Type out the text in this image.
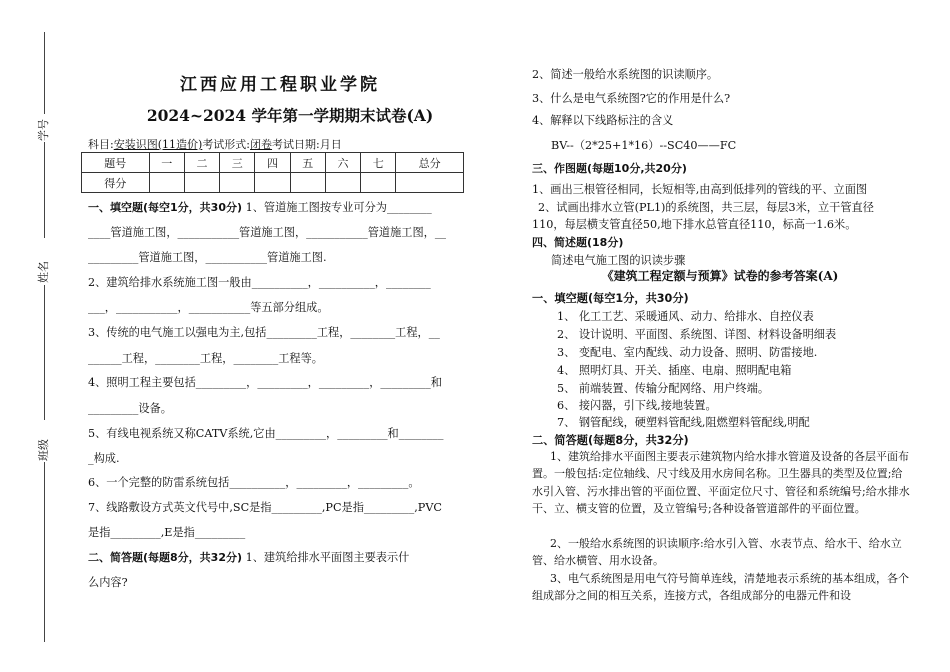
学号
姓名
班级
江西应用工程职业学院
2024~2024 学年第一学期期末试卷(A)
科目:安装识图(11造价)考试形式:闭卷考试日期:月日
题号	一	二	三	四	五	六	七	总分
得分								
一、填空题(每空1分，共30分) 1、管道施工图按专业可分为________
____管道施工图，___________管道施工图，___________管道施工图，__
_________管道施工图，___________管道施工图.
2、建筑给排水系统施工图一般由__________，__________，________
___，___________，___________等五部分组成。
3、传统的电气施工以强电为主,包括_________工程，________工程，__
______工程，________工程，________工程等。
4、照明工程主要包括_________，_________，_________，_________和
_________设备。
5、有线电视系统又称CATV系统,它由_________，_________和________
_构成.
6、一个完整的防雷系统包括__________，_________，_________。
7、线路敷设方式英文代号中,SC是指_________,PC是指_________,PVC
是指_________,E是指_________
二、简答题(每题8分，共32分) 1、建筑给排水平面图主要表示什
么内容?
2、简述一般给水系统图的识读顺序。
3、什么是电气系统图?它的作用是什么?
4、解释以下线路标注的含义
BV--（2*25+1*16）--SC40——FC
三、作图题(每题10分,共20分)
1、画出三根管径相同，长短相等,由高到低排列的管线的平、立面图
2、试画出排水立管(PL1)的系统图，共三层，每层3米，立干管直径
110，每层横支管直径50,地下排水总管直径110，标高一1.6米。
四、简述题(18分)
简述电气施工图的识读步骤
《建筑工程定额与预算》试卷的参考答案(A)
一、填空题(每空1分，共30分)
1、 化工工艺、采暖通风、动力、给排水、自控仪表
2、 设计说明、平面图、系统图、详图、材料设备明细表
3、 变配电、室内配线、动力设备、照明、防雷接地.
4、 照明灯具、开关、插座、电扇、照明配电箱
5、 前端装置、传输分配网络、用户终端。
6、 接闪器，引下线,接地装置。
7、 钢管配线，硬塑料管配线,阻燃塑料管配线,明配
二、简答题(每题8分，共32分)
1、建筑给排水平面图主要表示建筑物内给水排水管道及设备的各层平面布置。一般包括:定位轴线、尺寸线及用水房间名称。卫生器具的类型及位置;给水引入管、污水排出管的平面位置、平面定位尺寸、管径和系统编号;给水排水干、立、横支管的位置，及立管编号;各种设备管道部件的平面位置。
2、一般给水系统图的识读顺序:给水引入管、水表节点、给水干、给水立管、给水横管、用水设备。
3、电气系统图是用电气符号简单连线，清楚地表示系统的基本组成，各个组成部分之间的相互关系，连接方式，各组成部分的电器元件和设
